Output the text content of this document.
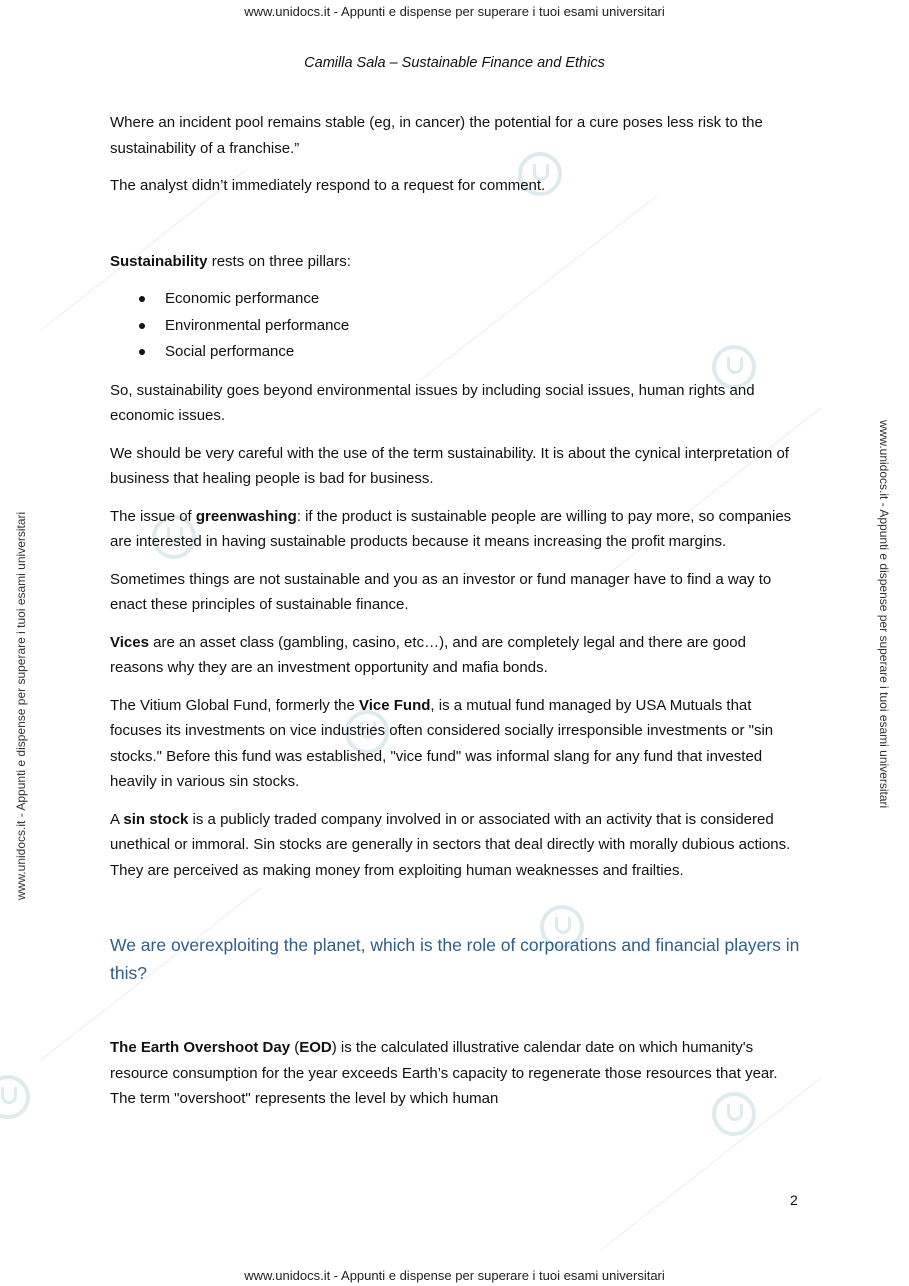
www.unidocs.it - Appunti e dispense per superare i tuoi esami universitari
www.unidocs.it - Appunti e dispense per superare i tuoi esami universitari
www.unidocs.it - Appunti e dispense per superare i tuoi esami universitari	www.unidocs.it - Appunti e dispense per superare i tuoi esami universitari
Camilla Sala – Sustainable Finance and Ethics

Where an incident pool remains stable (eg, in cancer) the potential for a cure poses less risk to the sustainability of a franchise.”

The analyst didn’t immediately respond to a request for comment.

Sustainability rests on three pillars:

Economic performance
Environmental performance
Social performance

So, sustainability goes beyond environmental issues by including social issues, human rights and economic issues.

We should be very careful with the use of the term sustainability. It is about the cynical interpretation of business that healing people is bad for business.

The issue of greenwashing: if the product is sustainable people are willing to pay more, so companies are interested in having sustainable products because it means increasing the profit margins.

Sometimes things are not sustainable and you as an investor or fund manager have to find a way to enact these principles of sustainable finance.

Vices are an asset class (gambling, casino, etc…), and are completely legal and there are good reasons why they are an investment opportunity and mafia bonds.

The Vitium Global Fund, formerly the Vice Fund, is a mutual fund managed by USA Mutuals that focuses its investments on vice industries often considered socially irresponsible investments or "sin stocks." Before this fund was established, "vice fund" was informal slang for any fund that invested heavily in various sin stocks.

A sin stock is a publicly traded company involved in or associated with an activity that is considered unethical or immoral. Sin stocks are generally in sectors that deal directly with morally dubious actions. They are perceived as making money from exploiting human weaknesses and frailties.

We are overexploiting the planet, which is the role of corporations and financial players in this?

The Earth Overshoot Day (EOD) is the calculated illustrative calendar date on which humanity's resource consumption for the year exceeds Earth’s capacity to regenerate those resources that year. The term "overshoot" represents the level by which human

2
